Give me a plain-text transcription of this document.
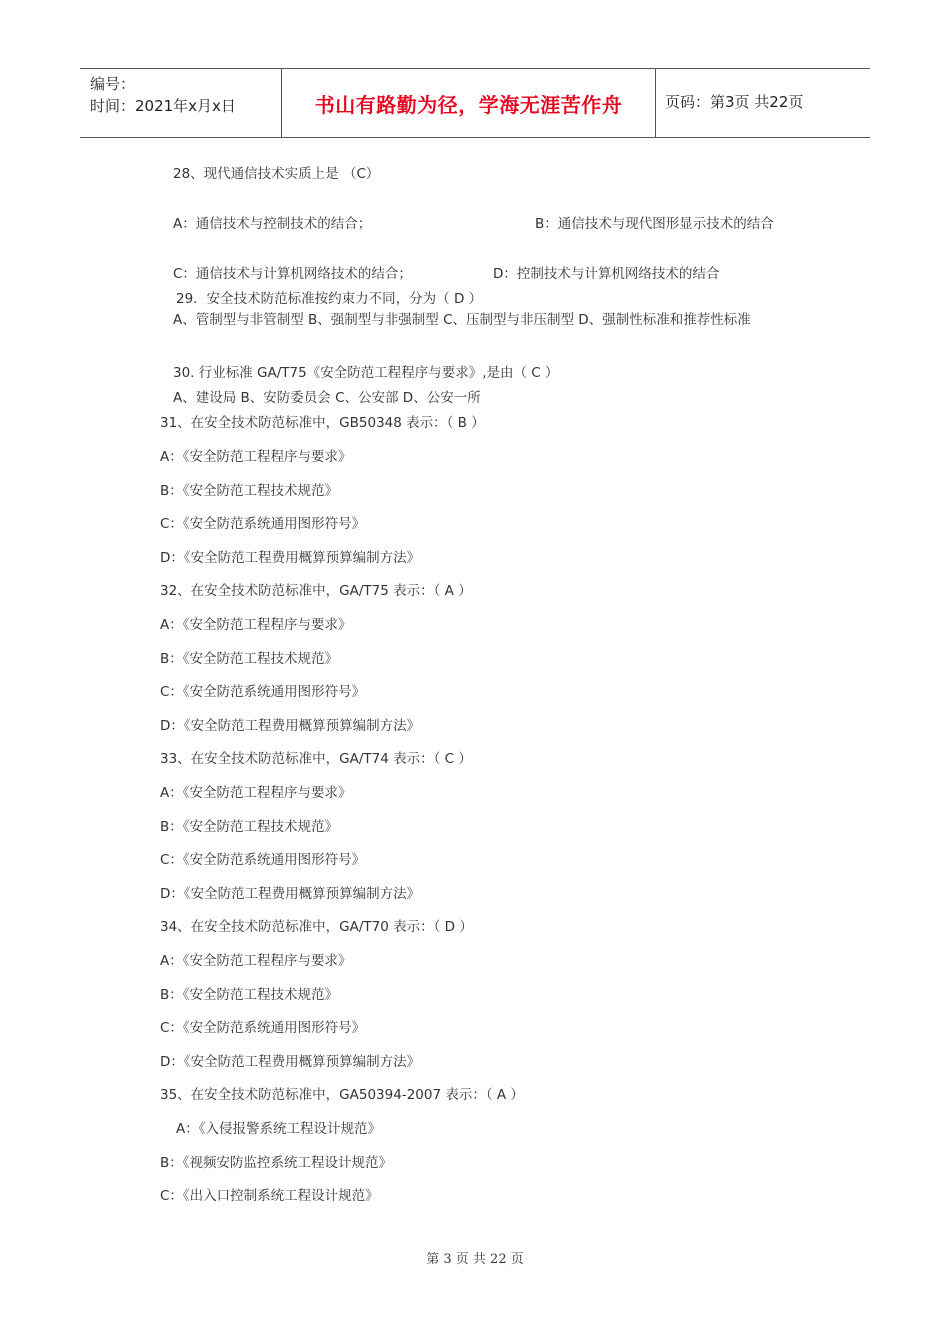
编号：
时间：2021年x月x日	书山有路勤为径，学海无涯苦作舟	页码：第3页 共22页
28、现代通信技术实质上是 （C）
A：通信技术与控制技术的结合；	B：通信技术与现代图形显示技术的结合
C：通信技术与计算机网络技术的结合；	D：控制技术与计算机网络技术的结合
29．安全技术防范标准按约束力不同，分为（ D ）
A、管制型与非管制型 B、强制型与非强制型 C、压制型与非压制型 D、强制性标准和推荐性标准
30. 行业标准 GA/T75《安全防范工程程序与要求》,是由（ C ）
A、建设局 B、安防委员会 C、公安部 D、公安一所
31、在安全技术防范标准中，GB50348 表示：（ B ）
A：《安全防范工程程序与要求》
B：《安全防范工程技术规范》
C：《安全防范系统通用图形符号》
D：《安全防范工程费用概算预算编制方法》
32、在安全技术防范标准中，GA/T75 表示：（ A ）
A：《安全防范工程程序与要求》
B：《安全防范工程技术规范》
C：《安全防范系统通用图形符号》
D：《安全防范工程费用概算预算编制方法》
33、在安全技术防范标准中，GA/T74 表示：（ C ）
A：《安全防范工程程序与要求》
B：《安全防范工程技术规范》
C：《安全防范系统通用图形符号》
D：《安全防范工程费用概算预算编制方法》
34、在安全技术防范标准中，GA/T70 表示：（ D ）
A：《安全防范工程程序与要求》
B：《安全防范工程技术规范》
C：《安全防范系统通用图形符号》
D：《安全防范工程费用概算预算编制方法》
35、在安全技术防范标准中，GA50394-2007 表示：（ A ）
A：《入侵报警系统工程设计规范》
B：《视频安防监控系统工程设计规范》
C：《出入口控制系统工程设计规范》
第 3 页 共 22 页
